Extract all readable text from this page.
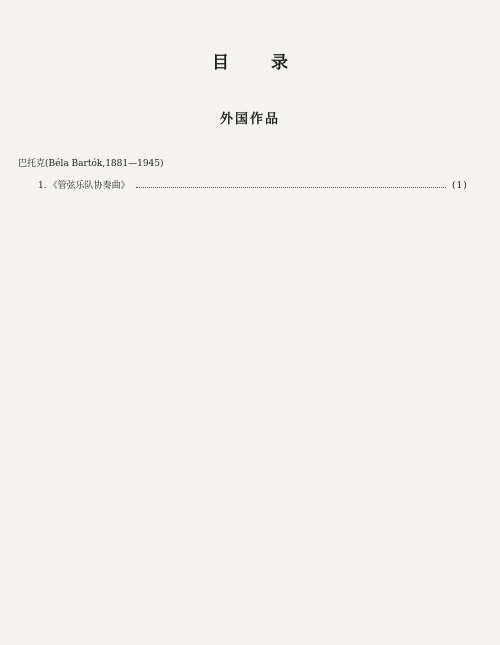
目录
外国作品
巴托克(Béla Bartók,1881—1945)
1. 《管弦乐队协奏曲》	(1)
